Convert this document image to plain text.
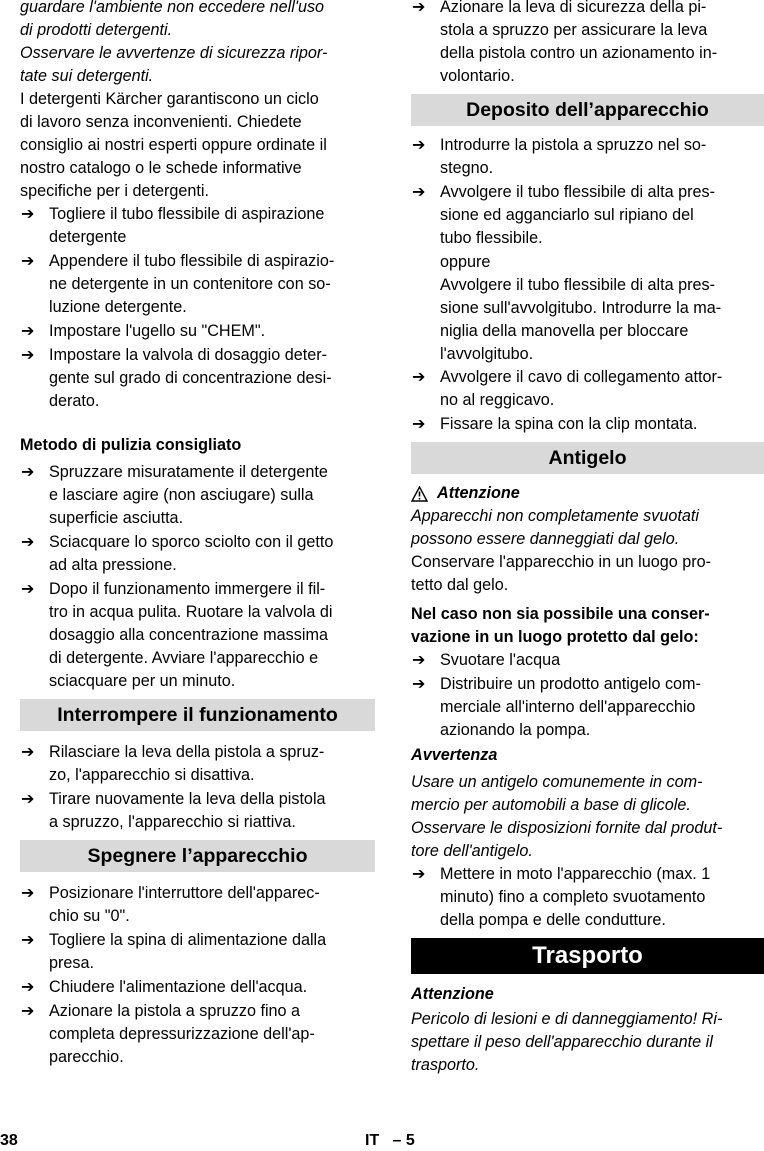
guardare l'ambiente non eccedere nell'uso
di prodotti detergenti.
Osservare le avvertenze di sicurezza ripor-
tate sui detergenti.

I detergenti Kärcher garantiscono un ciclo
di lavoro senza inconvenienti. Chiedete
consiglio ai nostri esperti oppure ordinate il
nostro catalogo o le schede informative
specifiche per i detergenti.

➔ Togliere il tubo flessibile di aspirazione
detergente
➔ Appendere il tubo flessibile di aspirazio-
ne detergente in un contenitore con so-
luzione detergente.
➔ Impostare l'ugello su "CHEM".
➔ Impostare la valvola di dosaggio deter-
gente sul grado di concentrazione desi-
derato.

Metodo di pulizia consigliato

➔ Spruzzare misuratamente il detergente
e lasciare agire (non asciugare) sulla
superficie asciutta.
➔ Sciacquare lo sporco sciolto con il getto
ad alta pressione.
➔ Dopo il funzionamento immergere il fil-
tro in acqua pulita. Ruotare la valvola di
dosaggio alla concentrazione massima
di detergente. Avviare l'apparecchio e
sciacquare per un minuto.
Interrompere il funzionamento
➔ Rilasciare la leva della pistola a spruz-
zo, l'apparecchio si disattiva.
➔ Tirare nuovamente la leva della pistola
a spruzzo, l'apparecchio si riattiva.
Spegnere l’apparecchio
➔ Posizionare l'interruttore dell'apparec-
chio su "0".
➔ Togliere la spina di alimentazione dalla
presa.
➔ Chiudere l'alimentazione dell'acqua.
➔ Azionare la pistola a spruzzo fino a
completa depressurizzazione dell'ap-
parecchio.
➔ Azionare la leva di sicurezza della pi-
stola a spruzzo per assicurare la leva
della pistola contro un azionamento in-
volontario.
Deposito dell’apparecchio
➔ Introdurre la pistola a spruzzo nel so-
stegno.
➔ Avvolgere il tubo flessibile di alta pres-
sione ed agganciarlo sul ripiano del
tubo flessibile.

oppure

Avvolgere il tubo flessibile di alta pres-
sione sull'avvolgitubo. Introdurre la ma-
niglia della manovella per bloccare
l'avvolgitubo.

➔ Avvolgere il cavo di collegamento attor-
no al reggicavo.
➔ Fissare la spina con la clip montata.
Antigelo
Attenzione

Apparecchi non completamente svuotati
possono essere danneggiati dal gelo.

Conservare l'apparecchio in un luogo pro-
tetto dal gelo.

Nel caso non sia possibile una conser-
vazione in un luogo protetto dal gelo:

➔ Svuotare l'acqua
➔ Distribuire un prodotto antigelo com-
merciale all'interno dell'apparecchio
azionando la pompa.

Avvertenza

Usare un antigelo comunemente in com-
mercio per automobili a base di glicole.
Osservare le disposizioni fornite dal produt-
tore dell'antigelo.

➔ Mettere in moto l'apparecchio (max. 1
minuto) fino a completo svuotamento
della pompa e delle condutture.
Trasporto

Attenzione

Pericolo di lesioni e di danneggiamento! Ri-
spettare il peso dell'apparecchio durante il
trasporto.

38	IT   – 5
